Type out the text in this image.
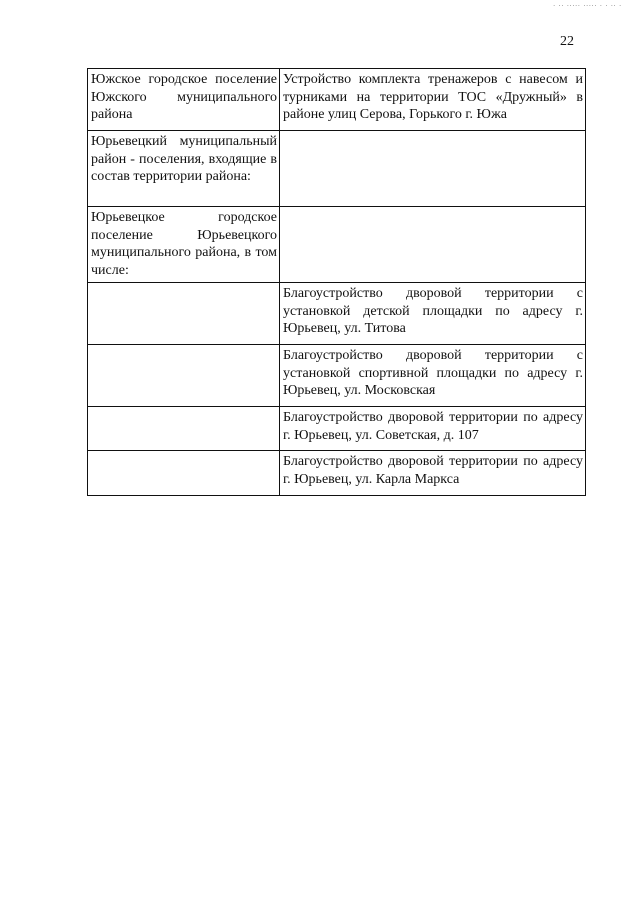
. .. ..... ..... . . .. .
22
Южское городское поселение Южского муниципального района	Устройство комплекта тренажеров с навесом и турниками на территории ТОС «Дружный» в районе улиц Серова, Горького г. Южа
Юрьевецкий муниципальный район - поселения, входящие в состав территории района:	
Юрьевецкое городское поселение Юрьевецкого муниципального района, в том числе:	
	Благоустройство дворовой территории с установкой детской площадки по адресу г. Юрьевец, ул. Титова
	Благоустройство дворовой территории с установкой спортивной площадки по адресу г. Юрьевец, ул. Московская
	Благоустройство дворовой территории по адресу г. Юрьевец, ул. Советская, д. 107
	Благоустройство дворовой территории по адресу г. Юрьевец, ул. Карла Маркса
